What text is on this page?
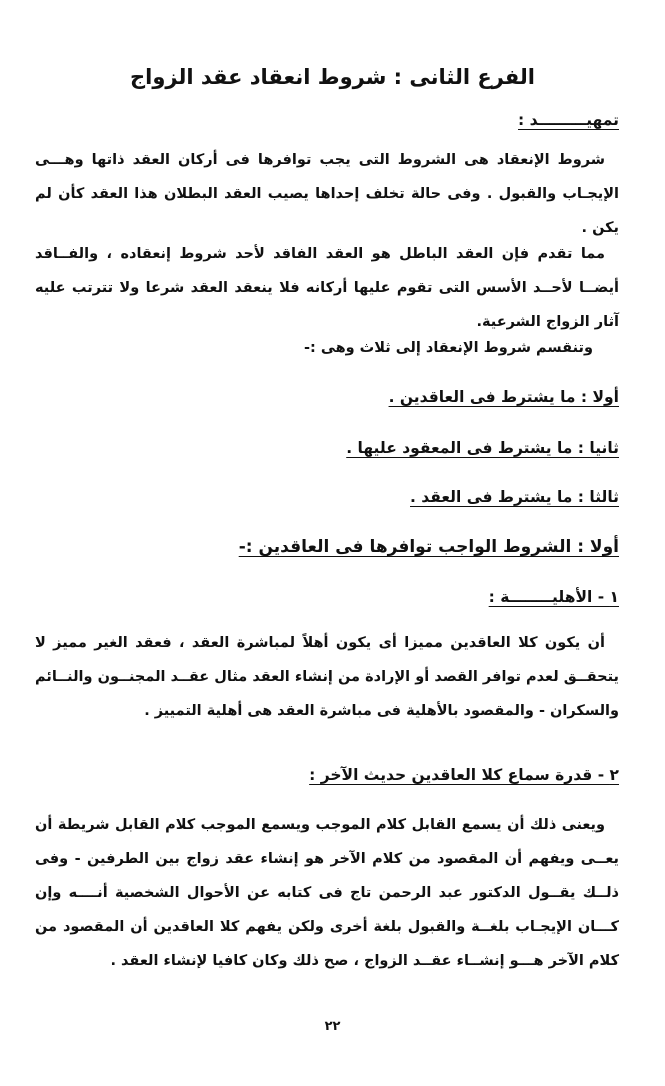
الفرع الثانى : شروط انعقاد عقد الزواج
تمهيـــــــــد :

شروط الإنعقاد هى الشروط التى يجب توافرها فى أركان العقد ذاتها وهـــى الإيجـاب والقبول . وفى حالة تخلف إحداها يصيب العقد البطلان هذا العقد كأن لم يكن .

مما تقدم فإن العقد الباطل هو العقد الفاقد لأحد شروط إنعقاده ، والفــاقد أيضــا لأحــد الأسس التى تقوم عليها أركانه فلا ينعقد العقد شرعا ولا تترتب عليه آثار الزواج الشرعية.

وتنقسم شروط الإنعقاد إلى ثلاث وهى :-
أولا : ما يشترط فى العاقدين .
ثانيا : ما يشترط فى المعقود عليها .
ثالثا : ما يشترط فى العقد .
أولا : الشروط الواجب توافرها فى العاقدين :-
١ - الأهليــــــــة :

أن يكون كلا العاقدين مميزا أى يكون أهلاً لمباشرة العقد ، فعقد الغير مميز لا يتحقــق لعدم توافر القصد أو الإرادة من إنشاء العقد مثال عقــد المجنــون والنــائم والسكران - والمقصود بالأهلية فى مباشرة العقد هى أهلية التمييز .

٢ - قدرة سماع كلا العاقدين حديث الآخر :

ويعنى ذلك أن يسمع القابل كلام الموجب ويسمع الموجب كلام القابل شريطة أن يعــى ويفهم أن المقصود من كلام الآخر هو إنشاء عقد زواج بين الطرفين - وفى ذلــك يقــول الدكتور عبد الرحمن تاج فى كتابه عن الأحوال الشخصية أنــــه وإن كـــان الإيجـاب بلغــة والقبول بلغة أخرى ولكن يفهم كلا العاقدين أن المقصود من كلام الآخر هـــو إنشــاء عقــد الزواج ، صح ذلك وكان كافيا لإنشاء العقد .

٢٢
